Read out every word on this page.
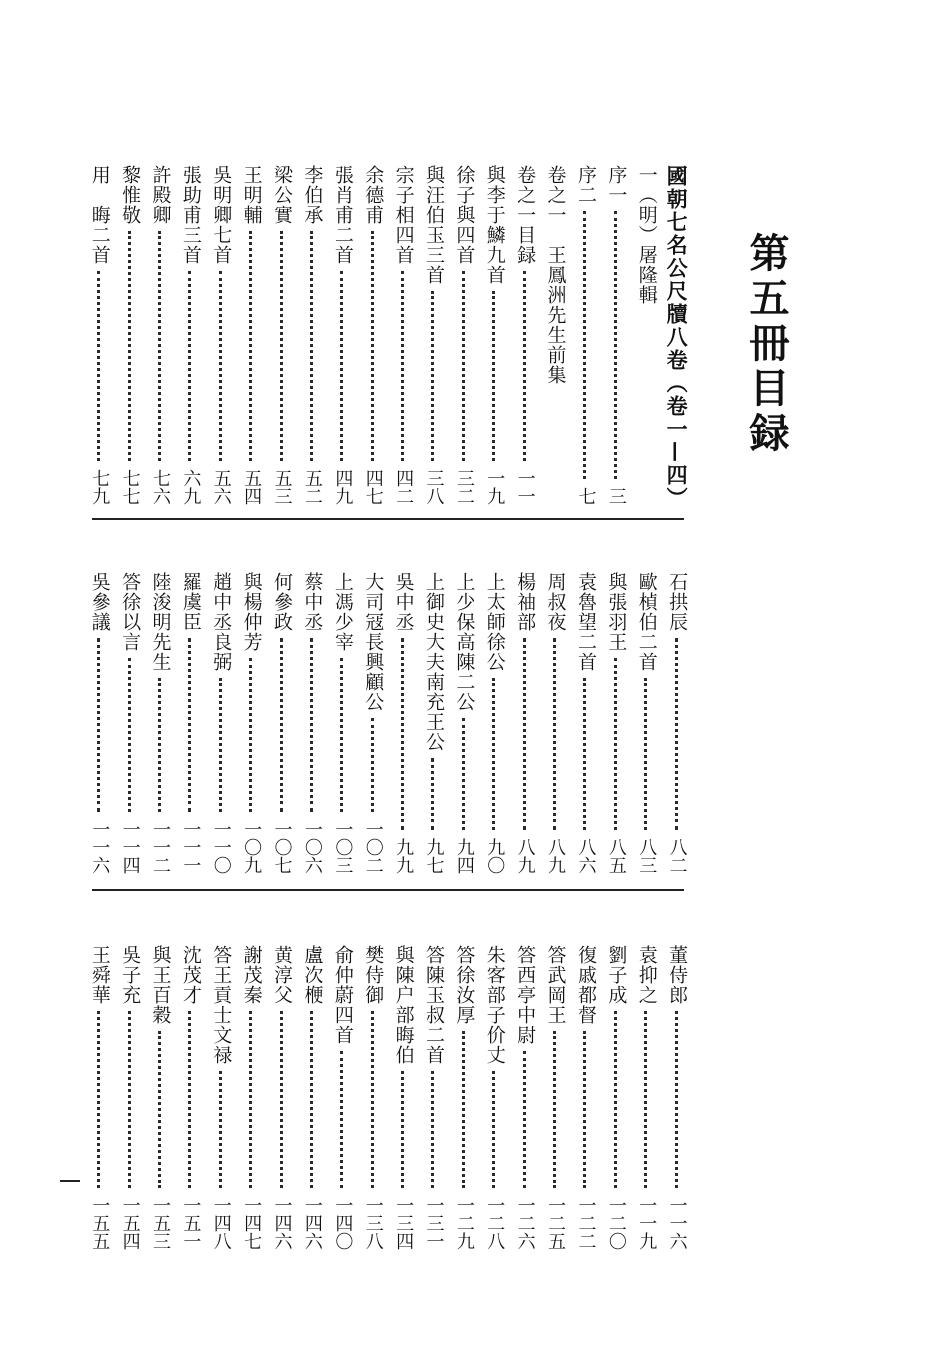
第五冊目録
國朝七名公尺牘八卷（卷一—四）
一（明）屠隆輯
序一
三
序二
七
卷之一　王鳳洲先生前集
卷之一目録
一一
與李于鱗九首
一九
徐子與四首
三二
與汪伯玉三首
三八
宗子相四首
四二
余德甫
四七
張肖甫二首
四九
李伯承
五二
梁公實
五三
王明輔
五四
吳明卿七首
五六
張助甫三首
六九
許殿卿
七六
黎惟敬
七七
用　晦二首
七九
石拱辰
八二
歐楨伯二首
八三
與張羽王
八五
袁魯望二首
八六
周叔夜
八九
楊䄂部
八九
上太師徐公
九〇
上少保高陳二公
九四
上御史大夫南充王公
九七
吳中丞
九九
大司冦長興顧公
一〇二
上馮少宰
一〇三
蔡中丞
一〇六
何參政
一〇七
與楊仲芳
一〇九
趙中丞良弼
一一〇
羅虞臣
一一一
陸浚明先生
一一二
答徐以言
一一四
吳參議
一一六
董侍郎
一一六
袁抑之
一一九
劉子成
一二〇
復戚都督
一二二
答武岡王
一二五
答西亭中尉
一二六
朱客部子价丈
一二八
答徐汝厚
一二九
答陳玉叔二首
一三一
與陳户部晦伯
一三四
樊侍御
一三八
俞仲蔚四首
一四〇
盧次楩
一四六
黄淳父
一四六
謝茂秦
一四七
答王貢士文禄
一四八
沈茂才
一五一
與王百穀
一五三
吳子充
一五四
王舜華
一五五
